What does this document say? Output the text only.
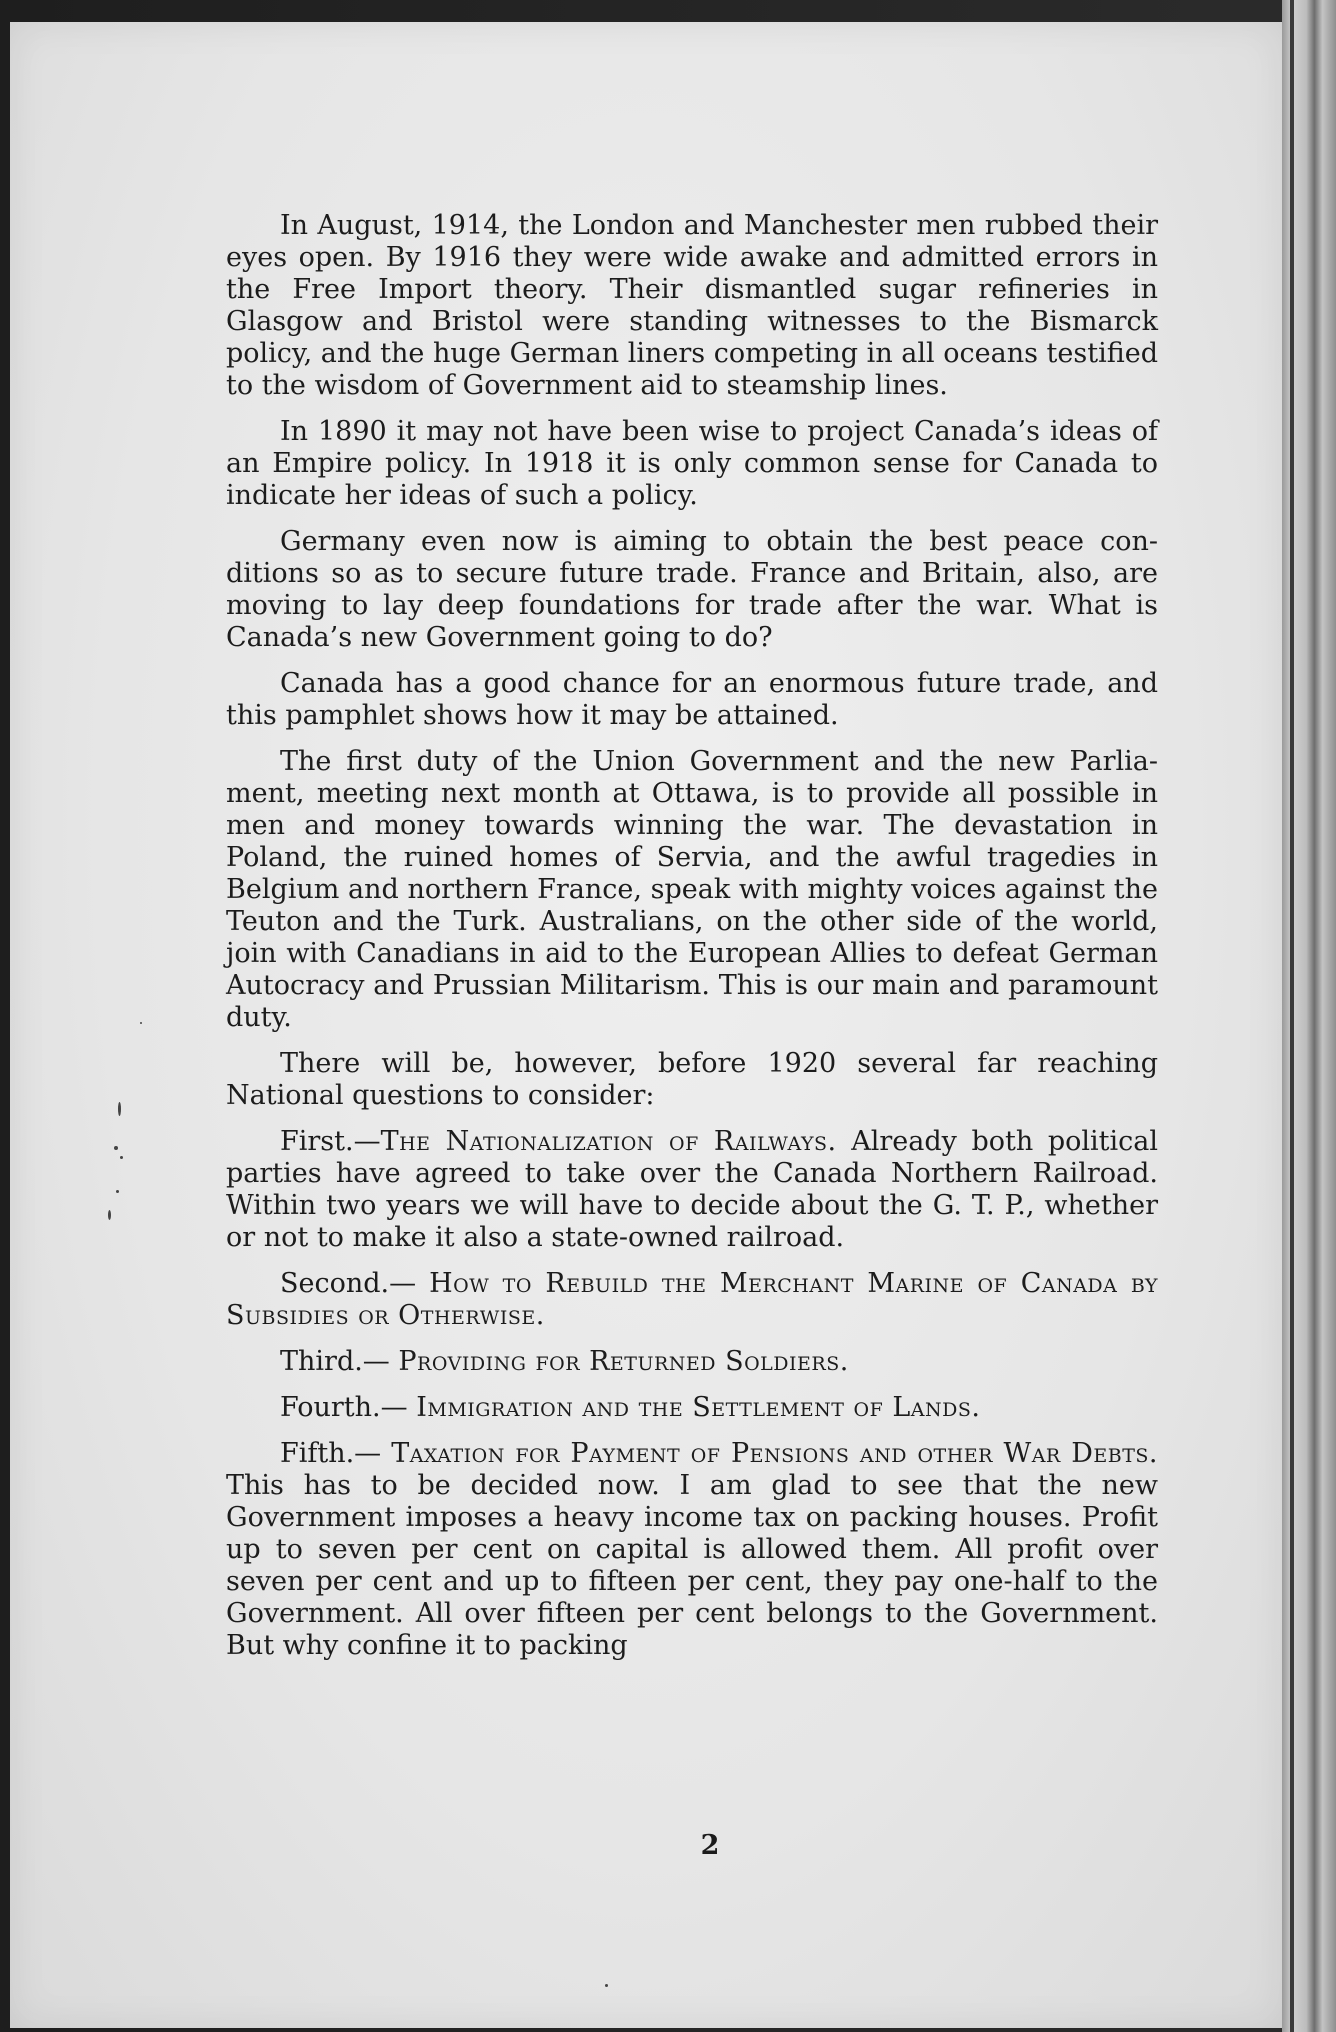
In August, 1914, the London and Manchester men rubbed their eyes open. By 1916 they were wide awake and admitted errors in the Free Import theory. Their dismantled sugar refineries in Glasgow and Bristol were standing witnesses to the Bismarck policy, and the huge German liners competing in all oceans testified to the wisdom of Government aid to steamship lines.

In 1890 it may not have been wise to project Canada’s ideas of an Empire policy. In 1918 it is only common sense for Canada to indicate her ideas of such a policy.

Germany even now is aiming to obtain the best peace conditions so as to secure future trade. France and Britain, also, are moving to lay deep foundations for trade after the war. What is Canada’s new Government going to do?

Canada has a good chance for an enormous future trade, and this pamphlet shows how it may be attained.

The first duty of the Union Government and the new Parliament, meeting next month at Ottawa, is to provide all possible in men and money towards winning the war. The devastation in Poland, the ruined homes of Servia, and the awful tragedies in Belgium and northern France, speak with mighty voices against the Teuton and the Turk. Australians, on the other side of the world, join with Canadians in aid to the European Allies to defeat German Autocracy and Prussian Militarism. This is our main and paramount duty.

There will be, however, before 1920 several far reaching National questions to consider:

First.—The Nationalization of Railways. Already both political parties have agreed to take over the Canada Northern Railroad. Within two years we will have to decide about the G. T. P., whether or not to make it also a state-owned railroad.

Second.— How to Rebuild the Merchant Marine of Canada by Subsidies or Otherwise.

Third.— Providing for Returned Soldiers.

Fourth.— Immigration and the Settlement of Lands.

Fifth.— Taxation for Payment of Pensions and other War Debts. This has to be decided now. I am glad to see that the new Government imposes a heavy income tax on packing houses. Profit up to seven per cent on capital is allowed them. All profit over seven per cent and up to fifteen per cent, they pay one-half to the Government. All over fifteen per cent belongs to the Government. But why confine it to packing

2
